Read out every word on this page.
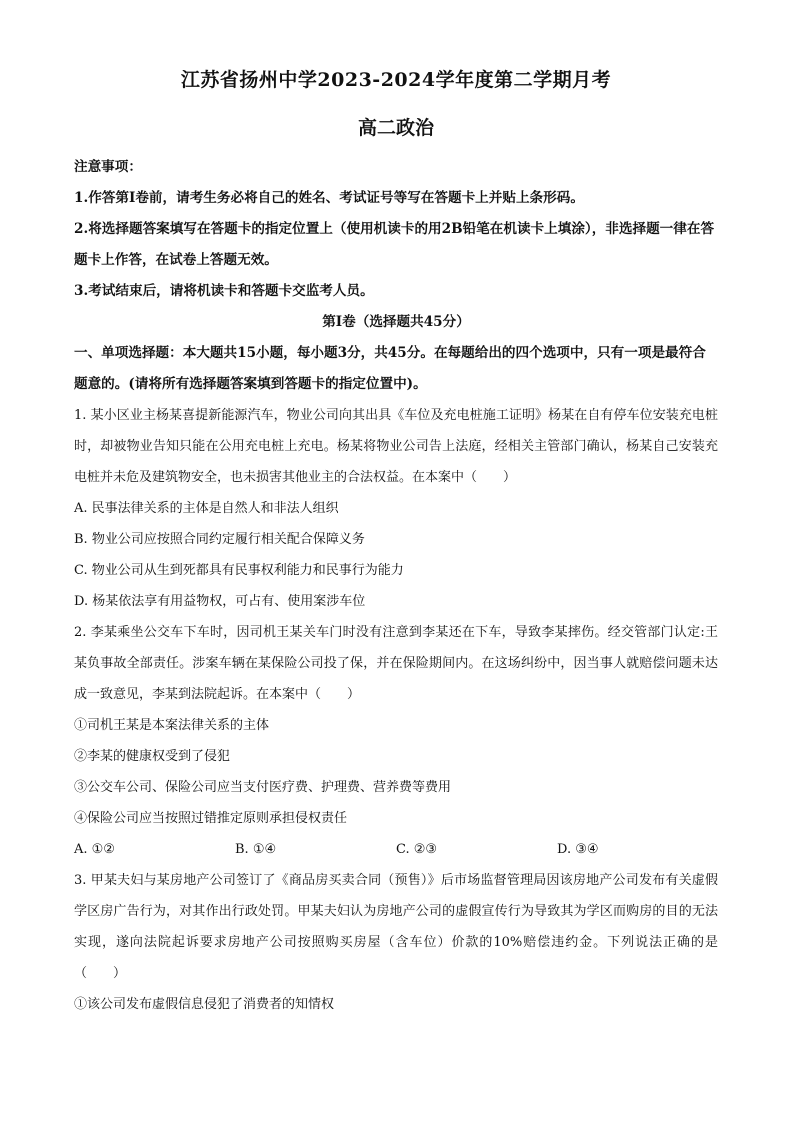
江苏省扬州中学2023-2024学年度第二学期月考
高二政治

注意事项：

1.作答第Ⅰ卷前，请考生务必将自己的姓名、考试证号等写在答题卡上并贴上条形码。

2.将选择题答案填写在答题卡的指定位置上（使用机读卡的用2B铅笔在机读卡上填涂），非选择题一律在答题卡上作答，在试卷上答题无效。

3.考试结束后，请将机读卡和答题卡交监考人员。

第Ⅰ卷（选择题共45分）

一、单项选择题：本大题共15小题，每小题3分，共45分。在每题给出的四个选项中，只有一项是最符合题意的。(请将所有选择题答案填到答题卡的指定位置中)。

1. 某小区业主杨某喜提新能源汽车，物业公司向其出具《车位及充电桩施工证明》杨某在自有停车位安装充电桩时，却被物业告知只能在公用充电桩上充电。杨某将物业公司告上法庭，经相关主管部门确认，杨某自己安装充电桩并未危及建筑物安全，也未损害其他业主的合法权益。在本案中（　　）

A. 民事法律关系的主体是自然人和非法人组织

B. 物业公司应按照合同约定履行相关配合保障义务

C. 物业公司从生到死都具有民事权利能力和民事行为能力

D. 杨某依法享有用益物权，可占有、使用案涉车位

2. 李某乘坐公交车下车时，因司机王某关车门时没有注意到李某还在下车，导致李某摔伤。经交管部门认定:王某负事故全部责任。涉案车辆在某保险公司投了保，并在保险期间内。在这场纠纷中，因当事人就赔偿问题未达成一致意见，李某到法院起诉。在本案中（　　）

①司机王某是本案法律关系的主体

②李某的健康权受到了侵犯

③公交车公司、保险公司应当支付医疗费、护理费、营养费等费用

④保险公司应当按照过错推定原则承担侵权责任

A. ①②	B. ①④	C. ②③	D. ③④

3. 甲某夫妇与某房地产公司签订了《商品房买卖合同（预售）》后市场监督管理局因该房地产公司发布有关虚假学区房广告行为，对其作出行政处罚。甲某夫妇认为房地产公司的虚假宣传行为导致其为学区而购房的目的无法实现，遂向法院起诉要求房地产公司按照购买房屋（含车位）价款的10%赔偿违约金。下列说法正确的是（　　）

①该公司发布虚假信息侵犯了消费者的知情权
